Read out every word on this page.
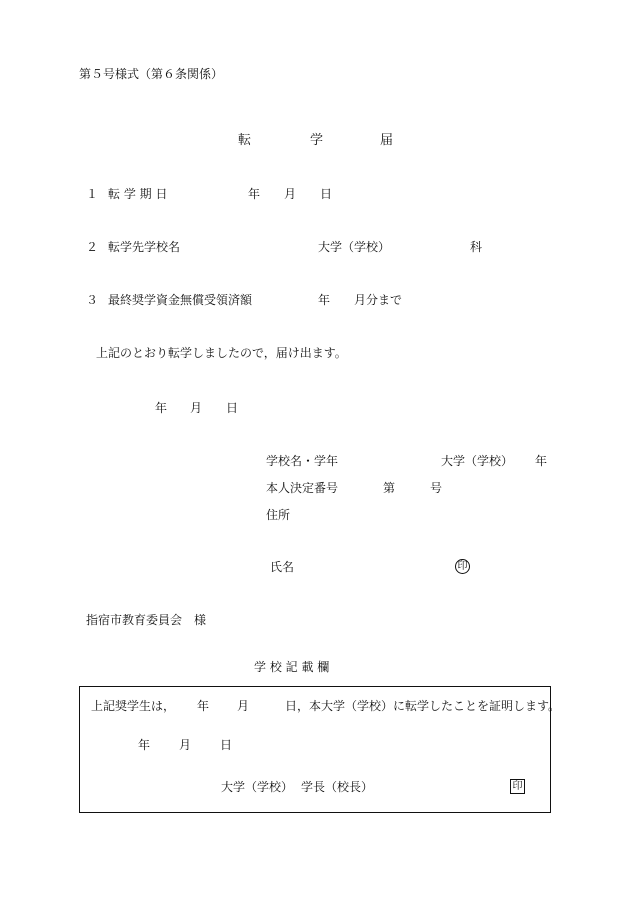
第５号様式（第６条関係）
転	学	届
１ 転 学 期 日	年 月 日
２ 転学先学校名	大学（学校）	科
３ 最終奨学資金無償受領済額	年 月分まで
上記のとおり転学しましたので，届け出ます。
年 月 日
学校名・学年	大学（学校） 年
本人決定番号	第	号
住所
氏名	印
指宿市教育委員会　様
学 校 記 載 欄
上記奨学生は， 年 月	日，本大学（学校）に転学したことを証明します。
年 月 日
大学（学校） 学長（校長）	印
